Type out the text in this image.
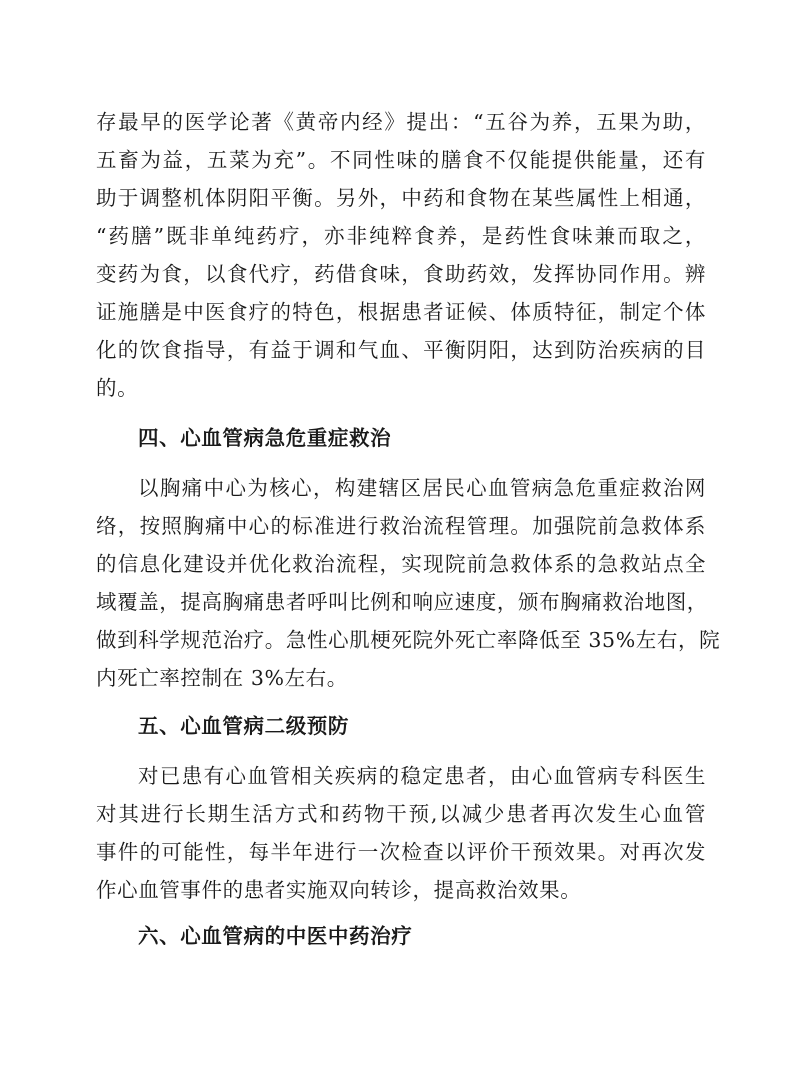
存最早的医学论著《黄帝内经》提出：“五谷为养，五果为助，
五畜为益，五菜为充”。不同性味的膳食不仅能提供能量，还有
助于调整机体阴阳平衡。另外，中药和食物在某些属性上相通，
“药膳”既非单纯药疗，亦非纯粹食养，是药性食味兼而取之，
变药为食，以食代疗，药借食味，食助药效，发挥协同作用。辨
证施膳是中医食疗的特色，根据患者证候、体质特征，制定个体
化的饮食指导，有益于调和气血、平衡阴阳，达到防治疾病的目
的。
四、心血管病急危重症救治
以胸痛中心为核心，构建辖区居民心血管病急危重症救治网
络，按照胸痛中心的标准进行救治流程管理。加强院前急救体系
的信息化建设并优化救治流程，实现院前急救体系的急救站点全
域覆盖，提高胸痛患者呼叫比例和响应速度，颁布胸痛救治地图，
做到科学规范治疗。急性心肌梗死院外死亡率降低至 35%左右，院
内死亡率控制在 3%左右。
五、心血管病二级预防
对已患有心血管相关疾病的稳定患者，由心血管病专科医生
对其进行长期生活方式和药物干预,以减少患者再次发生心血管
事件的可能性，每半年进行一次检查以评价干预效果。对再次发
作心血管事件的患者实施双向转诊，提高救治效果。
六、心血管病的中医中药治疗
